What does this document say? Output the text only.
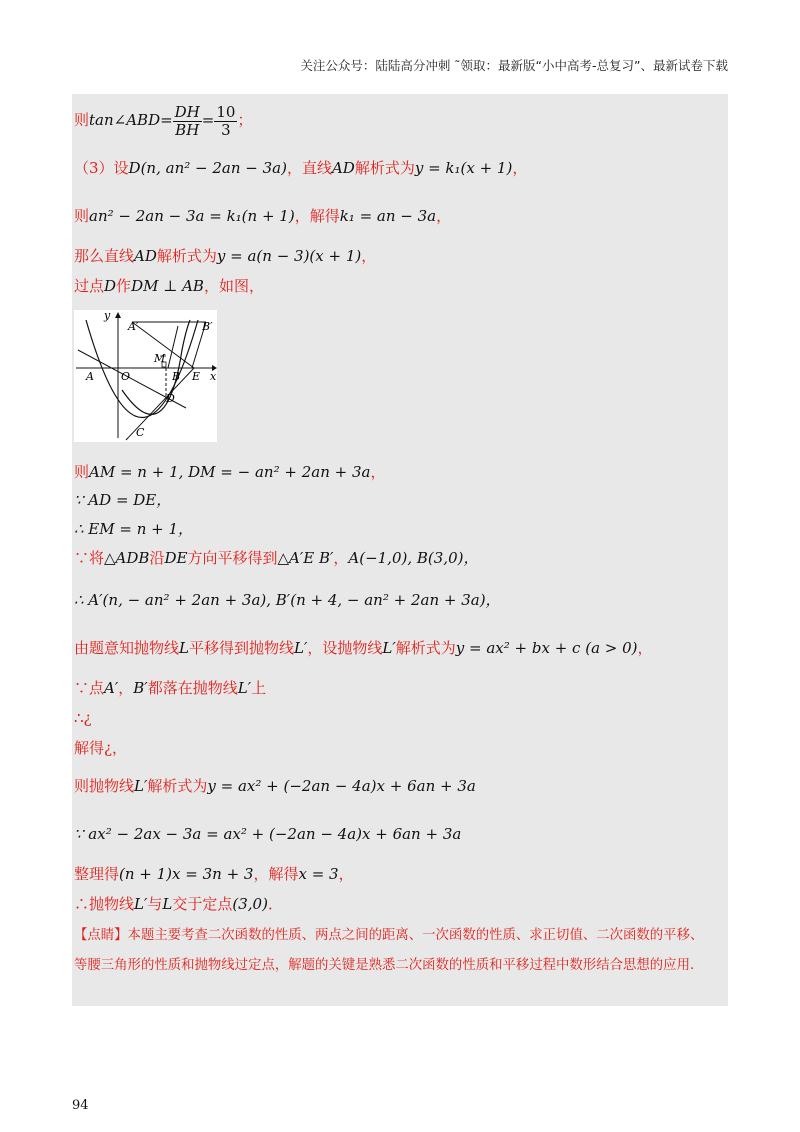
关注公众号：陆陆高分冲刺 ˜领取：最新版“小中高考-总复习”、最新试卷下载
则tan∠ABD= $\frac{DH}{BH} = \frac{10}{3}$ ；
（3）设D(n, an² − 2an − 3a)，直线AD解析式为y = k₁(x + 1)，
则an² − 2an − 3a = k₁(n + 1)，解得k₁ = an − 3a，
那么直线AD解析式为y = a(n − 3)(x + 1)，
过点D作DM ⊥ AB，如图，
y
x
A′	B′
M
A O	B E
D
C
则AM = n + 1, DM = − an² + 2an + 3a，
∵ AD = DE，
∴ EM = n + 1，
∵将△ADB沿DE方向平移得到△A′E B′，A(−1,0), B(3,0)，
∴ A′(n, − an² + 2an + 3a), B′(n + 4, − an² + 2an + 3a)，
由题意知抛物线L平移得到抛物线L′，设抛物线L′解析式为y = ax² + bx + c (a > 0)，
∵点A′，B′都落在抛物线L′上
∴¿
解得¿，
则抛物线L′解析式为y = ax² + (−2an − 4a)x + 6an + 3a
∵ ax² − 2ax − 3a = ax² + (−2an − 4a)x + 6an + 3a
整理得(n + 1)x = 3n + 3，解得x = 3，
∴抛物线L′与L交于定点(3,0)．
【点睛】本题主要考查二次函数的性质、两点之间的距离、一次函数的性质、求正切值、二次函数的平移、
等腰三角形的性质和抛物线过定点，解题的关键是熟悉二次函数的性质和平移过程中数形结合思想的应用．
94
